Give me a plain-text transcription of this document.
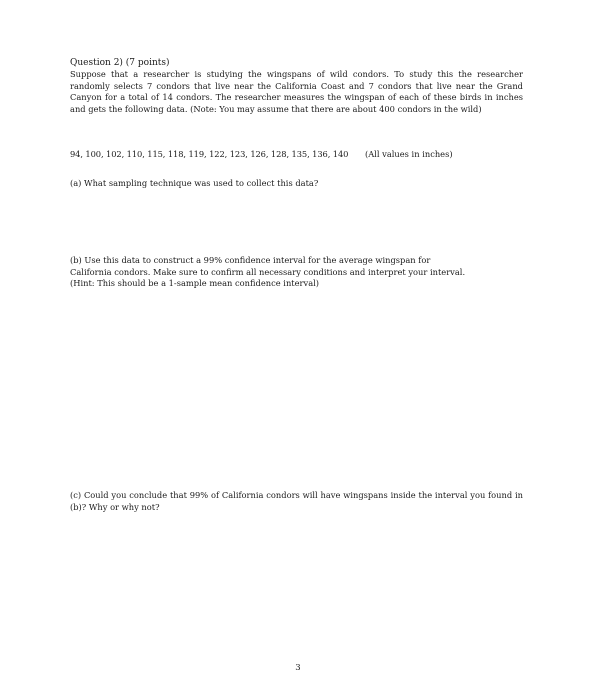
Question 2) (7 points)
Suppose that a researcher is studying the wingspans of wild condors. To study this the researcher randomly selects 7 condors that live near the California Coast and 7 condors that live near the Grand Canyon for a total of 14 condors. The researcher measures the wingspan of each of these birds in inches and gets the following data. (Note: You may assume that there are about 400 condors in the wild)
94, 100, 102, 110, 115, 118, 119, 122, 123, 126, 128, 135, 136, 140 (All values in inches)
(a) What sampling technique was used to collect this data?
(b) Use this data to construct a 99% confidence interval for the average wingspan for
California condors. Make sure to confirm all necessary conditions and interpret your interval.
(Hint: This should be a 1-sample mean confidence interval)
(c) Could you conclude that 99% of California condors will have wingspans inside the interval you found in (b)? Why or why not?
3
